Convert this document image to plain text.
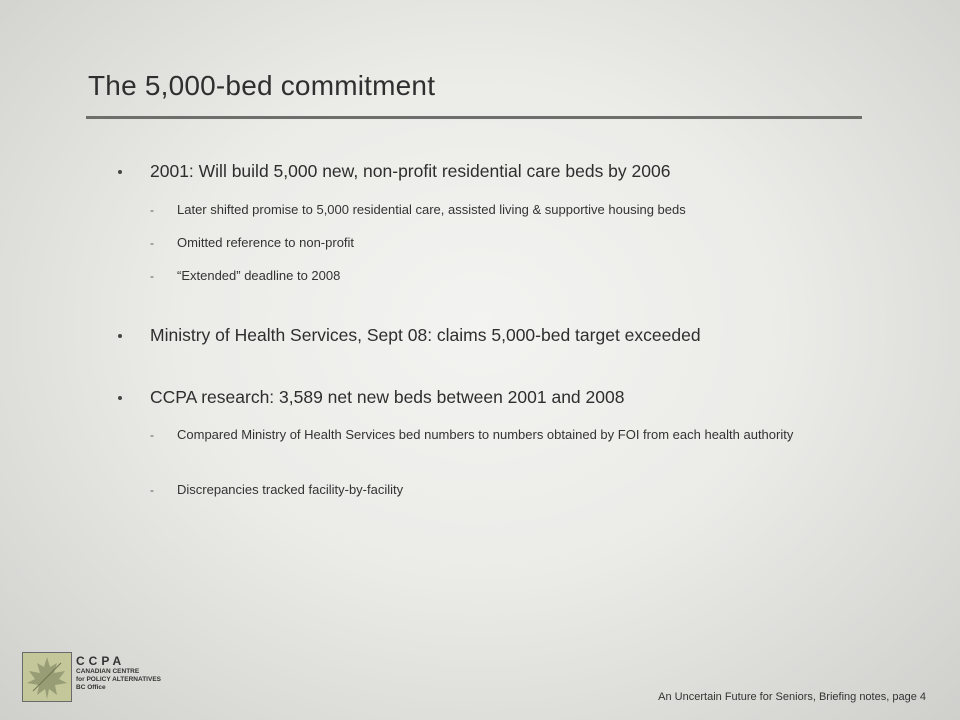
The 5,000-bed commitment
2001: Will build 5,000 new, non-profit residential care beds by 2006
- Later shifted promise to 5,000 residential care, assisted living & supportive housing beds
- Omitted reference to non-profit
- “Extended” deadline to 2008
Ministry of Health Services, Sept 08: claims 5,000-bed target exceeded
CCPA research: 3,589 net new beds between 2001 and 2008
- Compared Ministry of Health Services bed numbers to numbers obtained by FOI from each health authority
- Discrepancies tracked facility-by-facility
CCPA
CANADIAN CENTRE
for POLICY ALTERNATIVES
BC Office
An Uncertain Future for Seniors, Briefing notes, page 4
